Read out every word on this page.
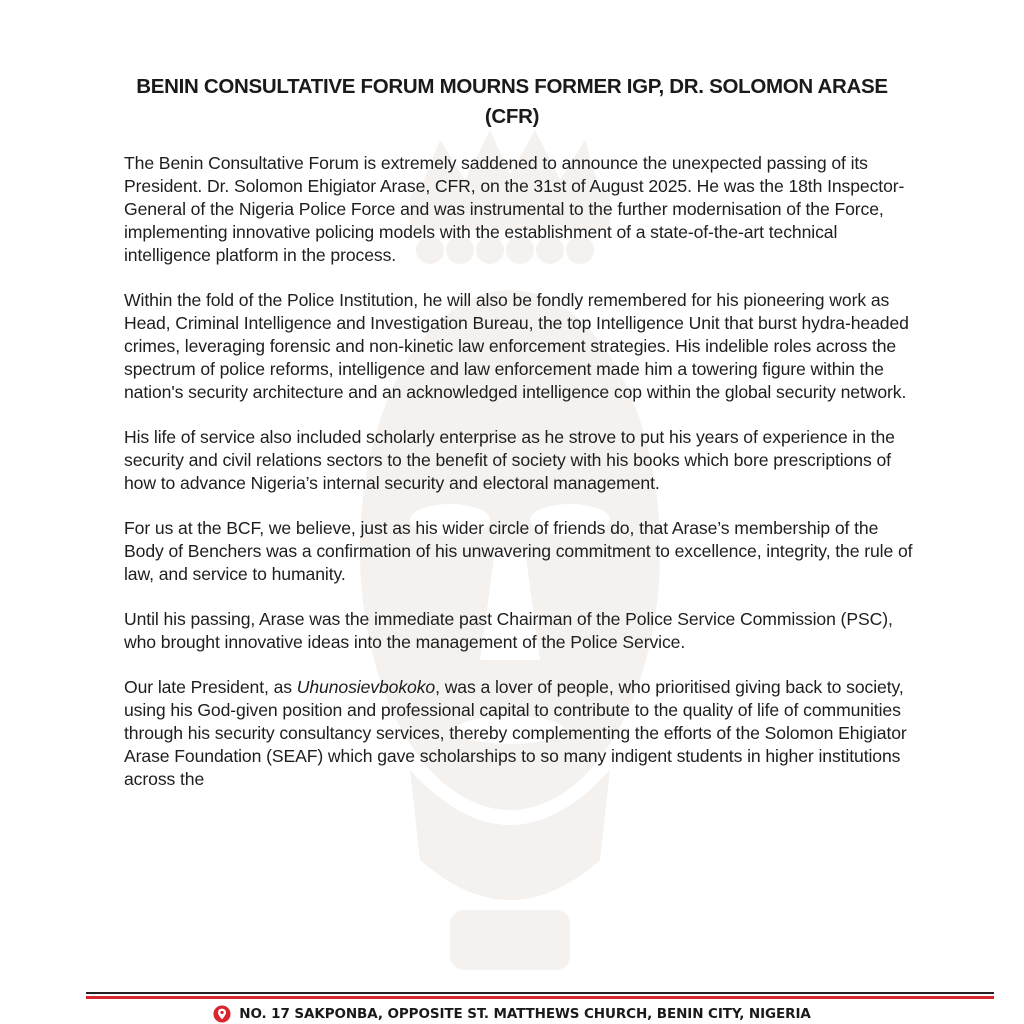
BENIN CONSULTATIVE FORUM MOURNS FORMER IGP, DR. SOLOMON ARASE (CFR)

The Benin Consultative Forum is extremely saddened to announce the unexpected passing of its President. Dr. Solomon Ehigiator Arase, CFR, on the 31st of August 2025. He was the 18th Inspector-General of the Nigeria Police Force and was instrumental to the further modernisation of the Force, implementing innovative policing models with the establishment of a state-of-the-art technical intelligence platform in the process.

Within the fold of the Police Institution, he will also be fondly remembered for his pioneering work as Head, Criminal Intelligence and Investigation Bureau, the top Intelligence Unit that burst hydra-headed crimes, leveraging forensic and non-kinetic law enforcement strategies. His indelible roles across the spectrum of police reforms, intelligence and law enforcement made him a towering figure within the nation's security architecture and an acknowledged intelligence cop within the global security network.

His life of service also included scholarly enterprise as he strove to put his years of experience in the security and civil relations sectors to the benefit of society with his books which bore prescriptions of how to advance Nigeria’s internal security and electoral management.

For us at the BCF, we believe, just as his wider circle of friends do, that Arase’s membership of the Body of Benchers was a confirmation of his unwavering commitment to excellence, integrity, the rule of law, and service to humanity.

Until his passing, Arase was the immediate past Chairman of the Police Service Commission (PSC), who brought innovative ideas into the management of the Police Service.

Our late President, as Uhunosievbokoko, was a lover of people, who prioritised giving back to society, using his God-given position and professional capital to contribute to the quality of life of communities through his security consultancy services, thereby complementing the efforts of the Solomon Ehigiator Arase Foundation (SEAF) which gave scholarships to so many indigent students in higher institutions across the

NO. 17 SAKPONBA, OPPOSITE ST. MATTHEWS CHURCH, BENIN CITY, NIGERIA
